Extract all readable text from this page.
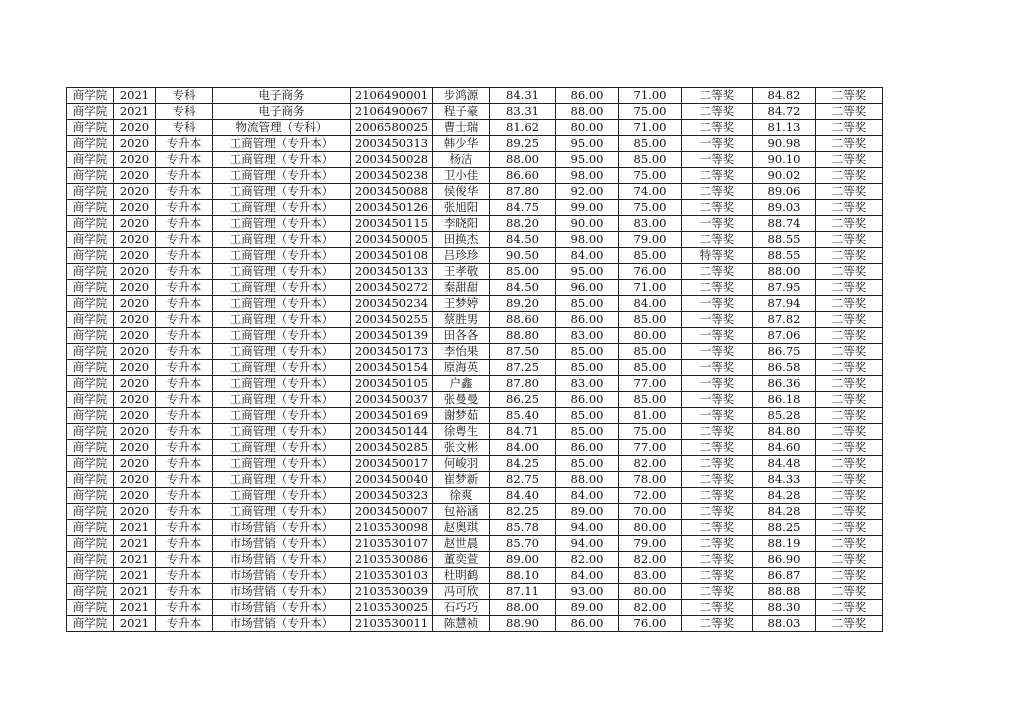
商学院	2021	专科	电子商务	2106490001	步鸿源	84.31	86.00	71.00	二等奖	84.82	二等奖
商学院	2021	专科	电子商务	2106490067	程子豪	83.31	88.00	75.00	二等奖	84.72	二等奖
商学院	2020	专科	物流管理（专科）	2006580025	曹士瑞	81.62	80.00	71.00	二等奖	81.13	二等奖
商学院	2020	专升本	工商管理（专升本）	2003450313	韩少华	89.25	95.00	85.00	一等奖	90.98	二等奖
商学院	2020	专升本	工商管理（专升本）	2003450028	杨洁	88.00	95.00	85.00	一等奖	90.10	二等奖
商学院	2020	专升本	工商管理（专升本）	2003450238	卫小佳	86.60	98.00	75.00	二等奖	90.02	二等奖
商学院	2020	专升本	工商管理（专升本）	2003450088	侯俊华	87.80	92.00	74.00	二等奖	89.06	二等奖
商学院	2020	专升本	工商管理（专升本）	2003450126	张旭阳	84.75	99.00	75.00	二等奖	89.03	二等奖
商学院	2020	专升本	工商管理（专升本）	2003450115	李晓阳	88.20	90.00	83.00	一等奖	88.74	二等奖
商学院	2020	专升本	工商管理（专升本）	2003450005	田换杰	84.50	98.00	79.00	二等奖	88.55	二等奖
商学院	2020	专升本	工商管理（专升本）	2003450108	吕珍珍	90.50	84.00	85.00	特等奖	88.55	二等奖
商学院	2020	专升本	工商管理（专升本）	2003450133	王孝敬	85.00	95.00	76.00	二等奖	88.00	二等奖
商学院	2020	专升本	工商管理（专升本）	2003450272	秦甜甜	84.50	96.00	71.00	二等奖	87.95	二等奖
商学院	2020	专升本	工商管理（专升本）	2003450234	王梦婷	89.20	85.00	84.00	一等奖	87.94	二等奖
商学院	2020	专升本	工商管理（专升本）	2003450255	蔡胜男	88.60	86.00	85.00	一等奖	87.82	二等奖
商学院	2020	专升本	工商管理（专升本）	2003450139	田各各	88.80	83.00	80.00	一等奖	87.06	二等奖
商学院	2020	专升本	工商管理（专升本）	2003450173	李怡果	87.50	85.00	85.00	一等奖	86.75	二等奖
商学院	2020	专升本	工商管理（专升本）	2003450154	原海英	87.25	85.00	85.00	一等奖	86.58	二等奖
商学院	2020	专升本	工商管理（专升本）	2003450105	户鑫	87.80	83.00	77.00	一等奖	86.36	二等奖
商学院	2020	专升本	工商管理（专升本）	2003450037	张曼曼	86.25	86.00	85.00	一等奖	86.18	二等奖
商学院	2020	专升本	工商管理（专升本）	2003450169	谢梦茹	85.40	85.00	81.00	一等奖	85.28	二等奖
商学院	2020	专升本	工商管理（专升本）	2003450144	徐粤生	84.71	85.00	75.00	二等奖	84.80	二等奖
商学院	2020	专升本	工商管理（专升本）	2003450285	张文彬	84.00	86.00	77.00	二等奖	84.60	二等奖
商学院	2020	专升本	工商管理（专升本）	2003450017	何峻羽	84.25	85.00	82.00	二等奖	84.48	二等奖
商学院	2020	专升本	工商管理（专升本）	2003450040	崔梦新	82.75	88.00	78.00	二等奖	84.33	二等奖
商学院	2020	专升本	工商管理（专升本）	2003450323	徐爽	84.40	84.00	72.00	二等奖	84.28	二等奖
商学院	2020	专升本	工商管理（专升本）	2003450007	包裕涵	82.25	89.00	70.00	二等奖	84.28	二等奖
商学院	2021	专升本	市场营销（专升本）	2103530098	赵奥琪	85.78	94.00	80.00	二等奖	88.25	二等奖
商学院	2021	专升本	市场营销（专升本）	2103530107	赵世晨	85.70	94.00	79.00	二等奖	88.19	二等奖
商学院	2021	专升本	市场营销（专升本）	2103530086	董奕萱	89.00	82.00	82.00	二等奖	86.90	二等奖
商学院	2021	专升本	市场营销（专升本）	2103530103	杜明鹤	88.10	84.00	83.00	二等奖	86.87	二等奖
商学院	2021	专升本	市场营销（专升本）	2103530039	冯可欣	87.11	93.00	80.00	二等奖	88.88	二等奖
商学院	2021	专升本	市场营销（专升本）	2103530025	石巧巧	88.00	89.00	82.00	二等奖	88.30	二等奖
商学院	2021	专升本	市场营销（专升本）	2103530011	陈慧祯	88.90	86.00	76.00	二等奖	88.03	二等奖
